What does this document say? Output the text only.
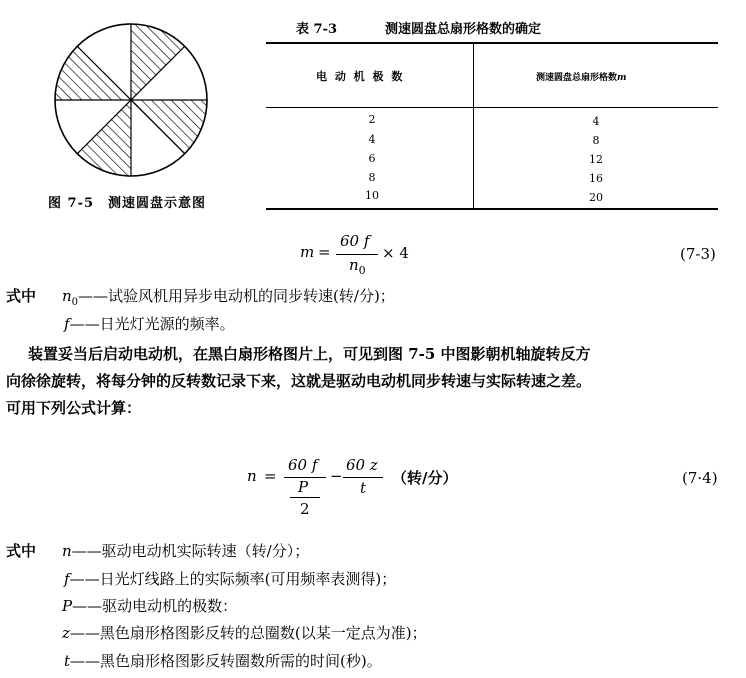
图 7-5　测速圆盘示意图
表 7-3	测速圆盘总扇形格数的确定
电 动 机 极 数	测速圆盘总扇形格数m
2	4
4	8
6	12
8	16
10	20
m =
60 f
$n_0$
× 4	(7-3)
式中 $n_0——$试验风机用异步电动机的同步转速(转/分)；
f——日光灯光源的频率。
装置妥当后启动电动机，在黑白扇形格图片上，可见到图 7-5 中图影朝机轴旋转反方
向徐徐旋转，将每分钟的反转数记录下来，这就是驱动电动机同步转速与实际转速之差。
可用下列公式计算：
n =
60 f
P
2
−
60 z
t
（转/分）	(7·4)
式中 n——驱动电动机实际转速（转/分）；
f——日光灯线路上的实际频率(可用频率表测得)；
P——驱动电动机的极数：
z——黑色扇形格图影反转的总圈数(以某一定点为准)；
t——黑色扇形格图影反转圈数所需的时间(秒)。
